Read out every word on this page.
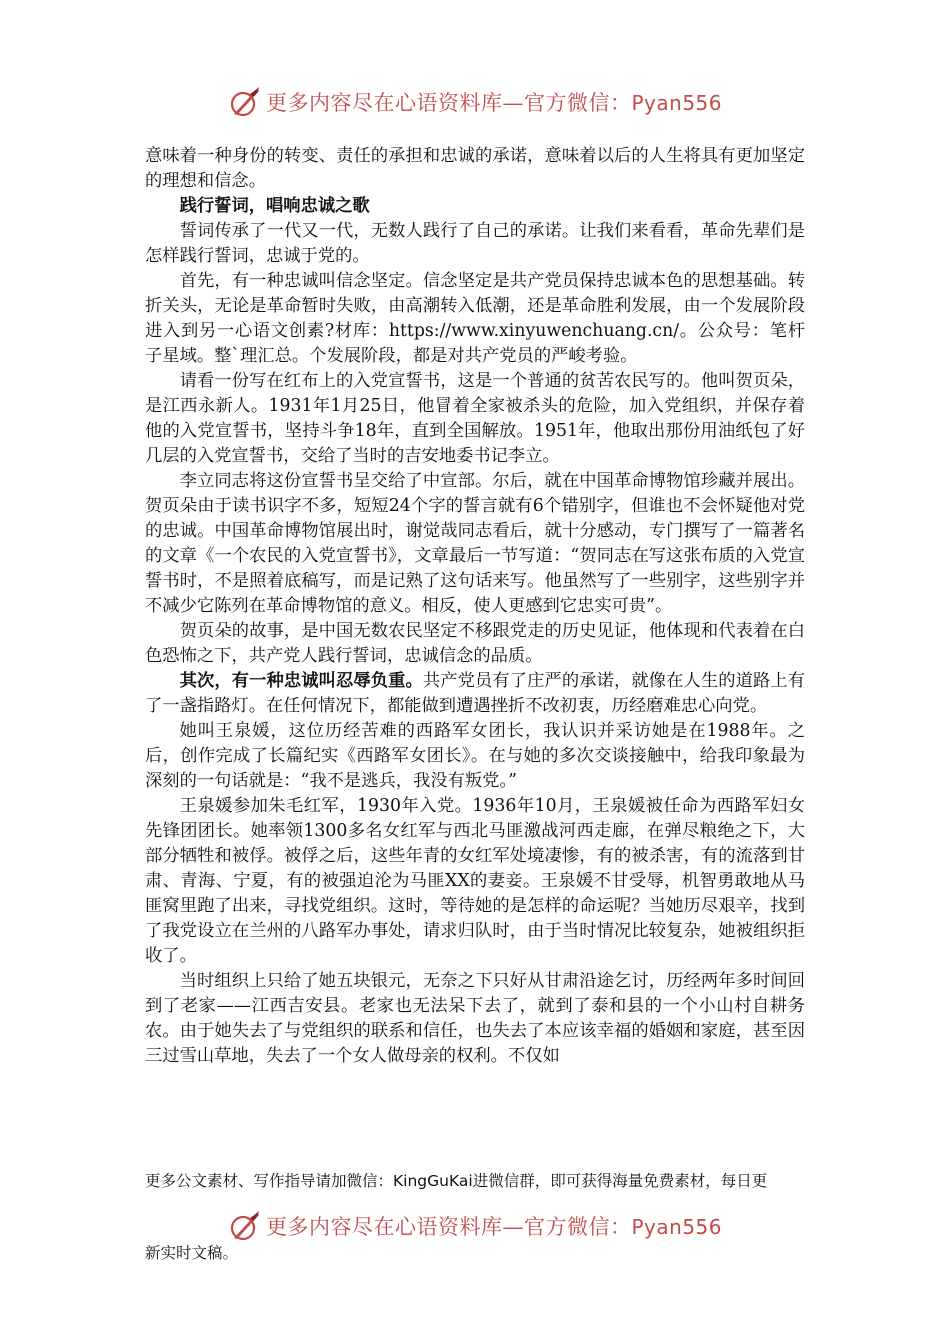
更多内容尽在心语资料库—官方微信：Pyan556

意味着一种身份的转变、责任的承担和忠诚的承诺，意味着以后的人生将具有更加坚定的理想和信念。

践行誓词，唱响忠诚之歌

誓词传承了一代又一代，无数人践行了自己的承诺。让我们来看看，革命先辈们是怎样践行誓词，忠诚于党的。

首先，有一种忠诚叫信念坚定。信念坚定是共产党员保持忠诚本色的思想基础。转折关头，无论是革命暂时失败，由高潮转入低潮，还是革命胜利发展，由一个发展阶段进入到另一心语文创素?材库：https://www.xinyuwenchuang.cn/。公众号：笔杆子星域。整`理汇总。个发展阶段，都是对共产党员的严峻考验。

请看一份写在红布上的入党宣誓书，这是一个普通的贫苦农民写的。他叫贺页朵，是江西永新人。1931年1月25日，他冒着全家被杀头的危险，加入党组织，并保存着他的入党宣誓书，坚持斗争18年，直到全国解放。1951年，他取出那份用油纸包了好几层的入党宣誓书，交给了当时的吉安地委书记李立。

李立同志将这份宣誓书呈交给了中宣部。尔后，就在中国革命博物馆珍藏并展出。贺页朵由于读书识字不多，短短24个字的誓言就有6个错别字，但谁也不会怀疑他对党的忠诚。中国革命博物馆展出时，谢觉哉同志看后，就十分感动，专门撰写了一篇著名的文章《一个农民的入党宣誓书》，文章最后一节写道：“贺同志在写这张布质的入党宣誓书时，不是照着底稿写，而是记熟了这句话来写。他虽然写了一些别字，这些别字并不减少它陈列在革命博物馆的意义。相反，使人更感到它忠实可贵”。

贺页朵的故事，是中国无数农民坚定不移跟党走的历史见证，他体现和代表着在白色恐怖之下，共产党人践行誓词，忠诚信念的品质。

其次，有一种忠诚叫忍辱负重。共产党员有了庄严的承诺，就像在人生的道路上有了一盏指路灯。在任何情况下，都能做到遭遇挫折不改初衷，历经磨难忠心向党。

她叫王泉媛，这位历经苦难的西路军女团长，我认识并采访她是在1988年。之后，创作完成了长篇纪实《西路军女团长》。在与她的多次交谈接触中，给我印象最为深刻的一句话就是：“我不是逃兵，我没有叛党。”

王泉媛参加朱毛红军，1930年入党。1936年10月，王泉媛被任命为西路军妇女先锋团团长。她率领1300多名女红军与西北马匪激战河西走廊，在弹尽粮绝之下，大部分牺牲和被俘。被俘之后，这些年青的女红军处境凄惨，有的被杀害，有的流落到甘肃、青海、宁夏，有的被强迫沦为马匪XX的妻妾。王泉媛不甘受辱，机智勇敢地从马匪窝里跑了出来，寻找党组织。这时，等待她的是怎样的命运呢？当她历尽艰辛，找到了我党设立在兰州的八路军办事处，请求归队时，由于当时情况比较复杂，她被组织拒收了。

当时组织上只给了她五块银元，无奈之下只好从甘肃沿途乞讨，历经两年多时间回到了老家——江西吉安县。老家也无法呆下去了，就到了泰和县的一个小山村自耕务农。由于她失去了与党组织的联系和信任，也失去了本应该幸福的婚姻和家庭，甚至因三过雪山草地，失去了一个女人做母亲的权利。不仅如

更多公文素材、写作指导请加微信：KingGuKai进微信群，即可获得海量免费素材，每日更
更多内容尽在心语资料库—官方微信：Pyan556
新实时文稿。
